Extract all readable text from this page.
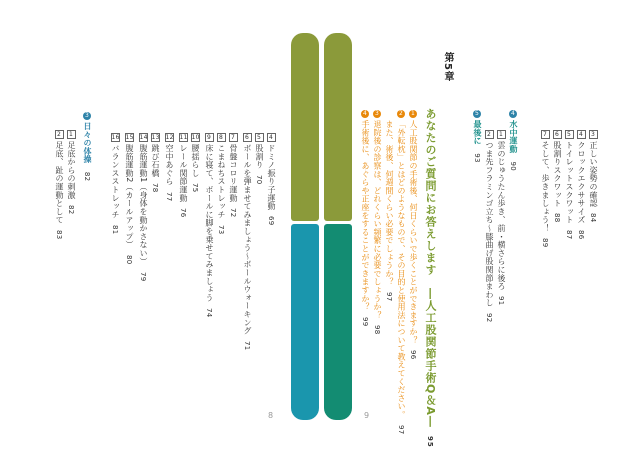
8	9
第5章
あなたのご質問にお答えします　―人工股関節手術Q＆A―95
1人工股関節の手術後、何日くらいで歩くことができますか？96
2「外転枕」とはどのようなもので、その目的と使用法について教えてください。97
また、術後、何週間くらい必要でしょうか？97
3退院後の診察は、どれくらい頻繁に必要でしょうか？98
4手術後に、あぐらや正座をすることができますか？99
4水中運動　90
5最後に　93
3正しい姿勢の確認84
4クロックエクササイズ86
5トイレットスクワット87
6股割りスクワット88
7そして、歩きましょう！89
1雲のじゅうたん歩き、前・横さらに後ろ91
2つま先フラミンゴ立ち～膝曲げ股関節まわし92
4ドミノ振り子運動69
5股割り70
6ボールを弾ませてみましょう～ボールウォーキング71
7骨盤コロリ運動72
8こまねちストレッチ73
9床に寝て、ボールに脚を乗せてみましょう74
10腰揺らし75
11レール関節運動76
12空中あぐら77
13跳び石橋78
14腹筋運動1（身体を動かさない）79
15腹筋運動2（カールアップ）80
16バランスストレッチ81
3日々の体操　82
1足底からの刺激82
2足底、趾の運動として83
